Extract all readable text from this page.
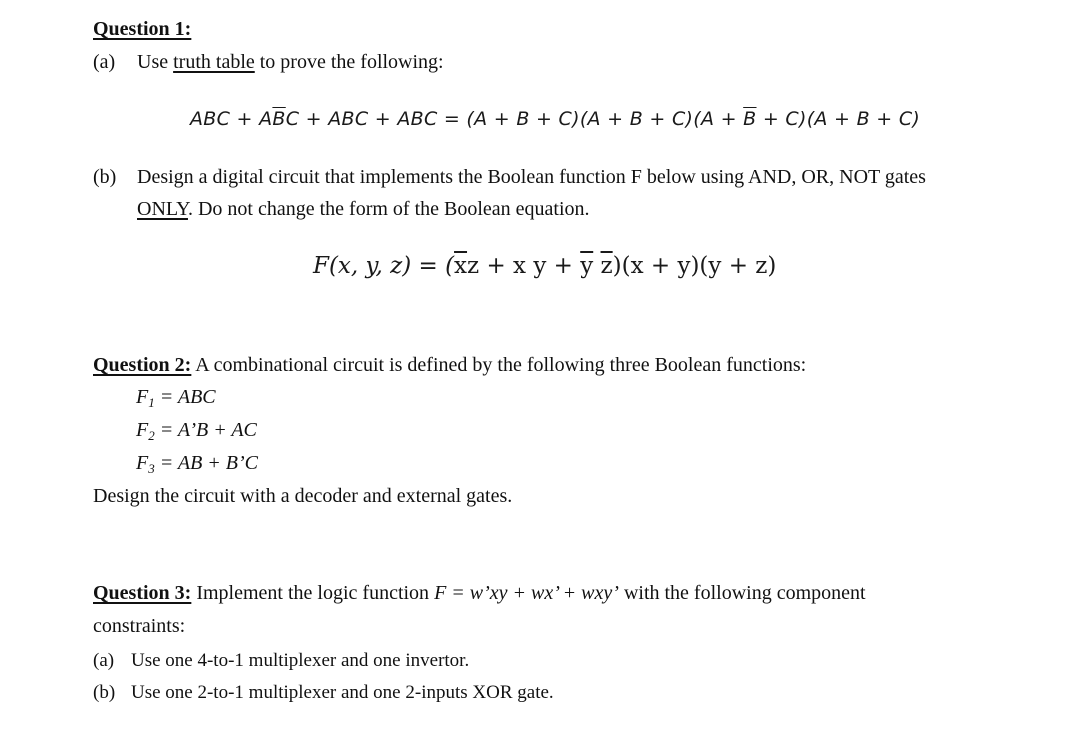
Question 1:
(a) Use truth table to prove the following:
ABC + $A\overline{B}C$ + ABC + ABC = $(A + B + C)(A + B + C)(A + \overline{B} + C)(A + B + C)$
(b) Design a digital circuit that implements the Boolean function F below using AND, OR, NOT gates
ONLY. Do not change the form of the Boolean equation.
F(x, y, $z) = (\overline{x}z + x$ $y + \overline{y}$ $\overline{z})(x + y)(y + z)$
Question 2: A combinational circuit is defined by the following three Boolean functions:
$F_1$ = ABC
$F_2$ = A’B + AC
$F_3$ = AB + B’C
Design the circuit with a decoder and external gates.
Question 3: Implement the logic function F = w’xy + wx’ + wxy’ with the following component
constraints:
(a) Use one 4-to-1 multiplexer and one invertor.
(b) Use one 2-to-1 multiplexer and one 2-inputs XOR gate.
